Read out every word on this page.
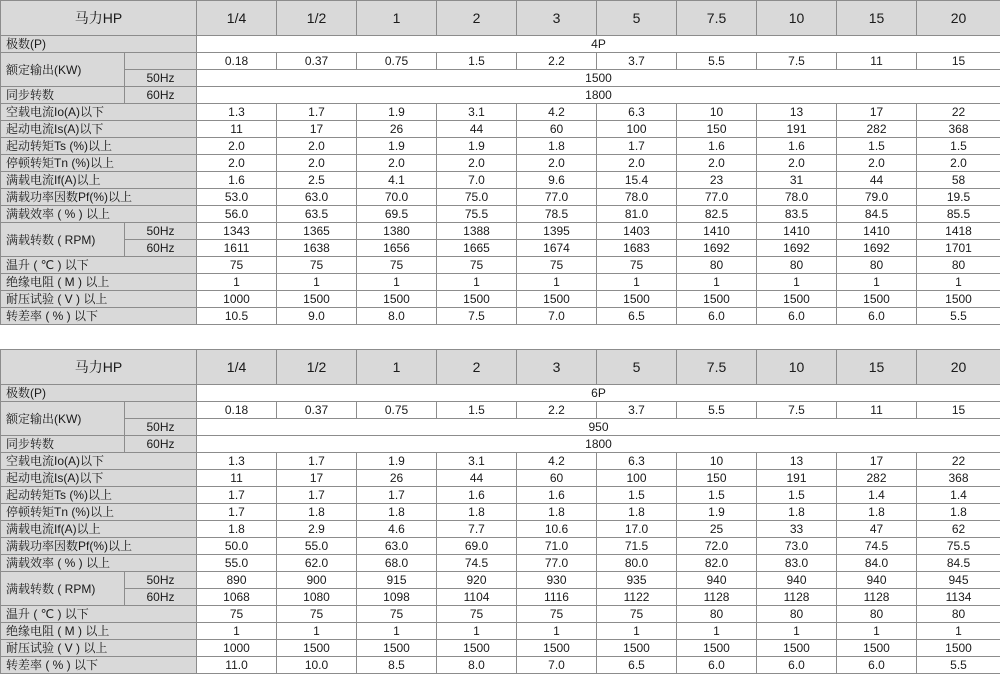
马力HP		1/4	1/2	1	2	3	5	7.5	10	15	20
极数(P)		4P									
额定输出(KW)		0.18	0.37	0.75	1.5	2.2	3.7	5.5	7.5	11	15
	50Hz	1500									
同步转数	60Hz	1800									
空载电流Io(A)以下		1.3	1.7	1.9	3.1	4.2	6.3	10	13	17	22
起动电流Is(A)以下		11	17	26	44	60	100	150	191	282	368
起动转矩Ts (%)以上		2.0	2.0	1.9	1.9	1.8	1.7	1.6	1.6	1.5	1.5
停顿转矩Tn (%)以上		2.0	2.0	2.0	2.0	2.0	2.0	2.0	2.0	2.0	2.0
满载电流If(A)以上		1.6	2.5	4.1	7.0	9.6	15.4	23	31	44	58
满载功率因数Pf(%)以上		53.0	63.0	70.0	75.0	77.0	78.0	77.0	78.0	79.0	19.5
满载效率 ( % ) 以上		56.0	63.5	69.5	75.5	78.5	81.0	82.5	83.5	84.5	85.5
满载转数 ( RPM)	50Hz	1343	1365	1380	1388	1395	1403	1410	1410	1410	1418
	60Hz	1611	1638	1656	1665	1674	1683	1692	1692	1692	1701
温升 ( ℃ ) 以下		75	75	75	75	75	75	80	80	80	80
绝缘电阻 ( M ) 以上		1	1	1	1	1	1	1	1	1	1
耐压试验 ( V ) 以上		1000	1500	1500	1500	1500	1500	1500	1500	1500	1500
转差率 ( % ) 以下		10.5	9.0	8.0	7.5	7.0	6.5	6.0	6.0	6.0	5.5
马力HP		1/4	1/2	1	2	3	5	7.5	10	15	20
极数(P)		6P									
额定输出(KW)		0.18	0.37	0.75	1.5	2.2	3.7	5.5	7.5	11	15
	50Hz	950									
同步转数	60Hz	1800									
空载电流Io(A)以下		1.3	1.7	1.9	3.1	4.2	6.3	10	13	17	22
起动电流Is(A)以下		11	17	26	44	60	100	150	191	282	368
起动转矩Ts (%)以上		1.7	1.7	1.7	1.6	1.6	1.5	1.5	1.5	1.4	1.4
停顿转矩Tn (%)以上		1.7	1.8	1.8	1.8	1.8	1.8	1.9	1.8	1.8	1.8
满载电流If(A)以上		1.8	2.9	4.6	7.7	10.6	17.0	25	33	47	62
满载功率因数Pf(%)以上		50.0	55.0	63.0	69.0	71.0	71.5	72.0	73.0	74.5	75.5
满载效率 ( % ) 以上		55.0	62.0	68.0	74.5	77.0	80.0	82.0	83.0	84.0	84.5
满载转数 ( RPM)	50Hz	890	900	915	920	930	935	940	940	940	945
	60Hz	1068	1080	1098	1104	1116	1122	1128	1128	1128	1134
温升 ( ℃ ) 以下		75	75	75	75	75	75	80	80	80	80
绝缘电阻 ( M ) 以上		1	1	1	1	1	1	1	1	1	1
耐压试验 ( V ) 以上		1000	1500	1500	1500	1500	1500	1500	1500	1500	1500
转差率 ( % ) 以下		11.0	10.0	8.5	8.0	7.0	6.5	6.0	6.0	6.0	5.5
